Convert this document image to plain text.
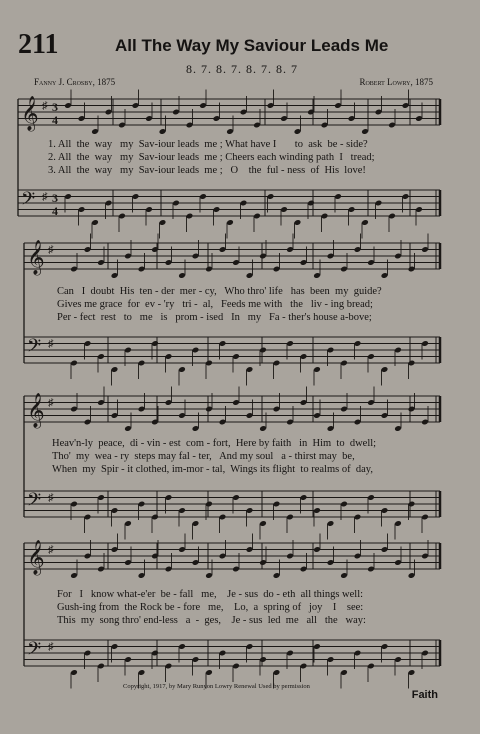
211	All The Way My Saviour Leads Me
8. 7. 8. 7. 8. 7. 8. 7
Fanny J. Crosby, 1875	Robert Lowry, 1875
𝄞 ♯
𝄢 ♯
3
4
3
4
𝄞 ♯
𝄢 ♯
𝄞 ♯
𝄢 ♯
𝄞 ♯
𝄢 ♯
1. All  the  way   my  Sav-iour leads  me ; What have I       to  ask  be - side?
2. All  the  way   my  Sav-iour leads  me ; Cheers each winding path  I   tread;
3. All  the  way   my  Sav-iour leads  me ;   O    the  ful - ness  of  His  love!
Can   I  doubt  His  ten - der  mer - cy,   Who thro' life   has  been  my  guide?
Gives me grace  for  ev - 'ry   tri -  al,   Feeds me with   the   liv - ing bread;
Per - fect  rest   to   me   is   prom - ised   In   my   Fa - ther's house a-bove;
Heav'n-ly  peace,  di - vin - est  com - fort,  Here by faith   in  Him  to  dwell;
Tho'  my  wea - ry  steps may fal - ter,   And my soul   a - thirst may  be,
When  my  Spir - it clothed, im-mor - tal,  Wings its flight  to realms of  day,
For   I   know what-e'er  be - fall   me,    Je - sus  do - eth  all things well:
Gush-ing from  the Rock be - fore   me,    Lo,  a  spring of   joy    I    see:
This  my  song thro' end-less   a  -  ges,    Je - sus  led  me   all   the   way:
Copyright, 1917, by Mary Runyon Lowry Renewal Used by permission
Faith
